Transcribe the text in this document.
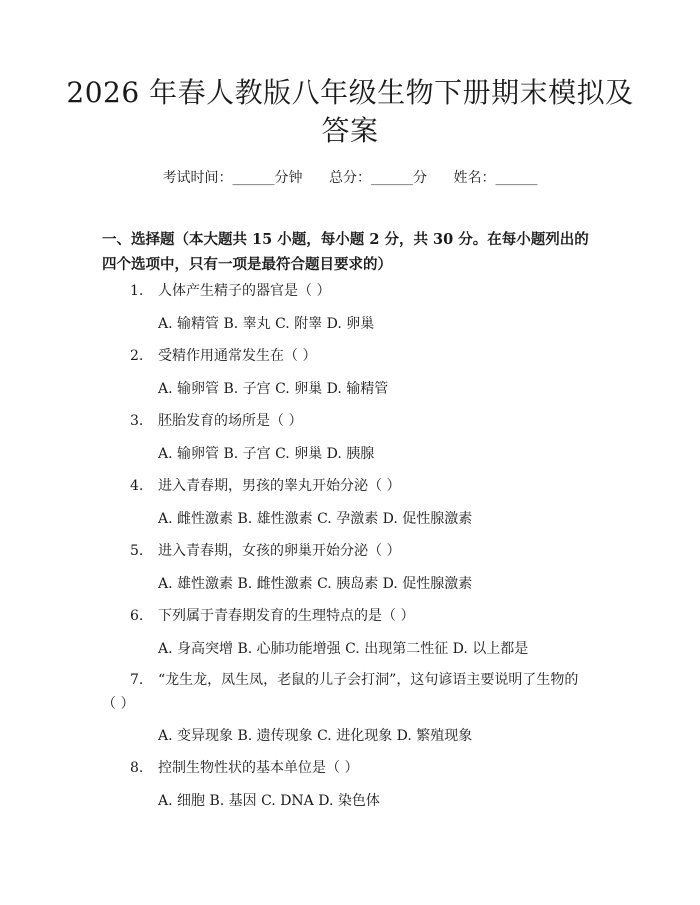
2026 年春人教版八年级生物下册期末模拟及答案
考试时间：______分钟 总分：______分 姓名：______
一、选择题（本大题共 15 小题，每小题 2 分，共 30 分。在每小题列出的四个选项中，只有一项是最符合题目要求的）
1. 人体产生精子的器官是（ ）
A. 输精管 B. 睾丸 C. 附睾 D. 卵巢
2. 受精作用通常发生在（ ）
A. 输卵管 B. 子宫 C. 卵巢 D. 输精管
3. 胚胎发育的场所是（ ）
A. 输卵管 B. 子宫 C. 卵巢 D. 胰腺
4. 进入青春期，男孩的睾丸开始分泌（ ）
A. 雌性激素 B. 雄性激素 C. 孕激素 D. 促性腺激素
5. 进入青春期，女孩的卵巢开始分泌（ ）
A. 雄性激素 B. 雌性激素 C. 胰岛素 D. 促性腺激素
6. 下列属于青春期发育的生理特点的是（ ）
A. 身高突增 B. 心肺功能增强 C. 出现第二性征 D. 以上都是
7. “龙生龙，凤生凤，老鼠的儿子会打洞”，这句谚语主要说明了生物的
（ ）
A. 变异现象 B. 遗传现象 C. 进化现象 D. 繁殖现象
8. 控制生物性状的基本单位是（ ）
A. 细胞 B. 基因 C. DNA D. 染色体
